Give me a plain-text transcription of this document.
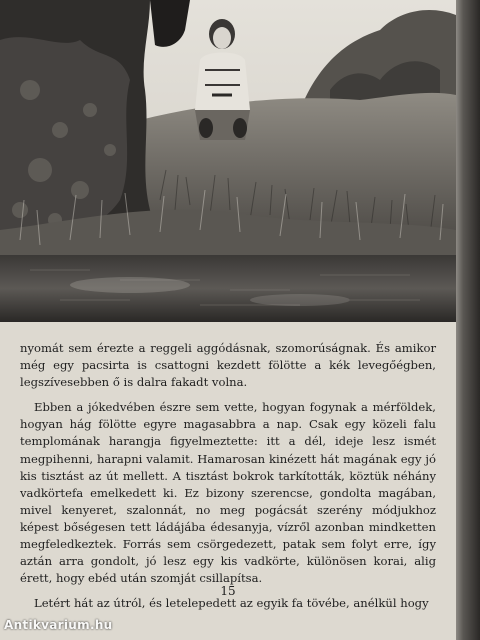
nyomát sem érezte a reggeli aggódásnak, szomorúságnak. És amikor még egy pacsirta is csattogni kezdett fölötte a kék levegőégben, legszívesebben ő is dalra fakadt volna.

Ebben a jókedvében észre sem vette, hogyan fogynak a mérföldek, hogyan hág fölötte egyre magasabbra a nap. Csak egy közeli falu templomának harangja figyelmeztette: itt a dél, ideje lesz ismét megpihenni, harapni valamit. Hamarosan kinézett hát magának egy jó kis tisztást az út mellett. A tisztást bokrok tarkították, köztük néhány vadkörtefa emelkedett ki. Ez bizony szerencse, gondolta magában, mivel kenyeret, szalonnát, no meg pogácsát szerény módjukhoz képest bőségesen tett ládájába édesanyja, vízről azonban mindketten megfeledkeztek. Forrás sem csörgedezett, patak sem folyt erre, így aztán arra gondolt, jó lesz egy kis vadkörte, különösen korai, alig érett, hogy ebéd után szomját csillapítsa.

Letért hát az útról, és letelepedett az egyik fa tövébe, anélkül hogy

15
Antikvarium.hu
